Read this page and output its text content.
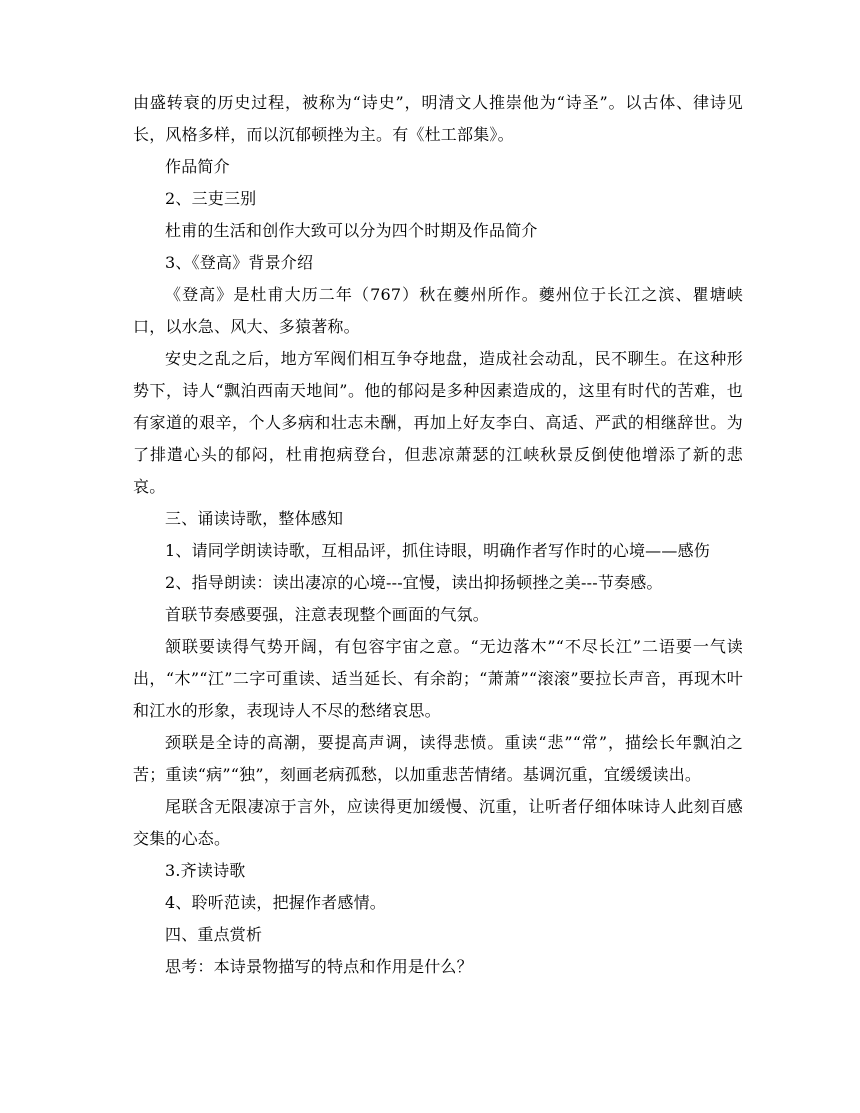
由盛转衰的历史过程，被称为“诗史”，明清文人推崇他为“诗圣”。以古体、律诗见长，风格多样，而以沉郁顿挫为主。有《杜工部集》。

作品简介

2、三吏三别

杜甫的生活和创作大致可以分为四个时期及作品简介

3、《登高》背景介绍

《登高》是杜甫大历二年（767）秋在夔州所作。夔州位于长江之滨、瞿塘峡口，以水急、风大、多猿著称。

安史之乱之后，地方军阀们相互争夺地盘，造成社会动乱，民不聊生。在这种形势下，诗人“飘泊西南天地间”。他的郁闷是多种因素造成的，这里有时代的苦难，也有家道的艰辛，个人多病和壮志未酬，再加上好友李白、高适、严武的相继辞世。为了排遣心头的郁闷，杜甫抱病登台，但悲凉萧瑟的江峡秋景反倒使他增添了新的悲哀。

三、诵读诗歌，整体感知

1、请同学朗读诗歌，互相品评，抓住诗眼，明确作者写作时的心境——感伤

2、指导朗读：读出凄凉的心境---宜慢，读出抑扬顿挫之美---节奏感。

首联节奏感要强，注意表现整个画面的气氛。

颔联要读得气势开阔，有包容宇宙之意。“无边落木”“不尽长江”二语要一气读出，“木”“江”二字可重读、适当延长、有余韵；“萧萧”“滚滚”要拉长声音，再现木叶和江水的形象，表现诗人不尽的愁绪哀思。

颈联是全诗的高潮，要提高声调，读得悲愤。重读“悲”“常”，描绘长年飘泊之苦；重读“病”“独”，刻画老病孤愁，以加重悲苦情绪。基调沉重，宜缓缓读出。

尾联含无限凄凉于言外，应读得更加缓慢、沉重，让听者仔细体味诗人此刻百感交集的心态。

3.齐读诗歌

4、聆听范读，把握作者感情。

四、重点赏析

思考：本诗景物描写的特点和作用是什么？
